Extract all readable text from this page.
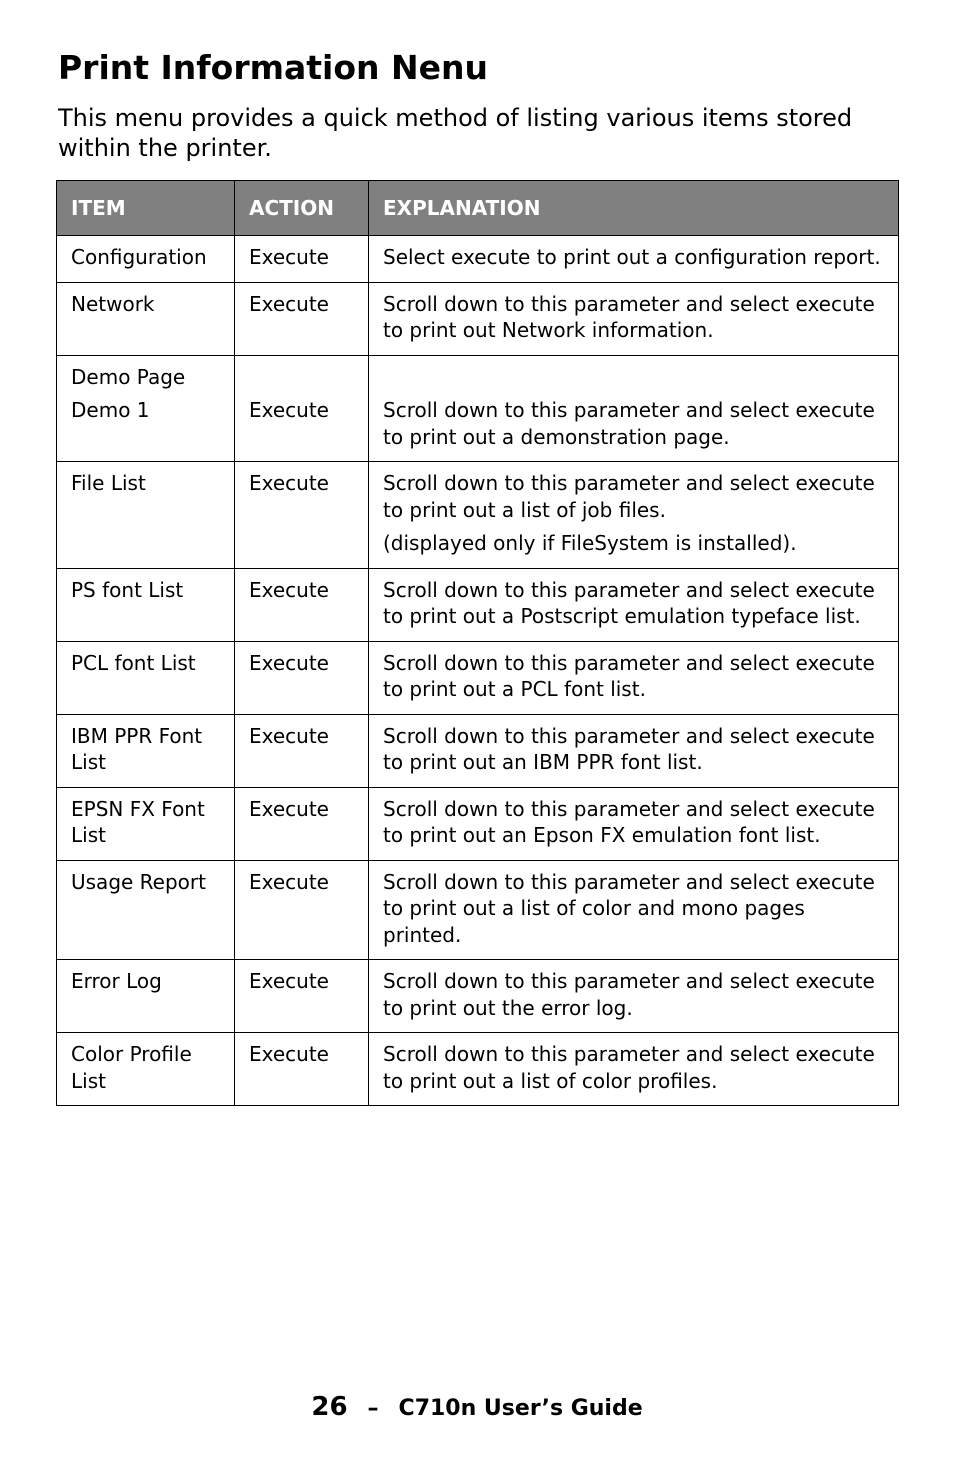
Print Information Nenu

This menu provides a quick method of listing various items stored within the printer.

ITEM	ACTION	EXPLANATION

Configuration	Execute	Select execute to print out a configuration report.

Network	Execute	Scroll down to this parameter and select execute to print out Network information.

Demo Page
Demo 1	Execute	Scroll down to this parameter and select execute to print out a demonstration page.

File List	Execute	Scroll down to this parameter and select execute to print out a list of job files.
(displayed only if FileSystem is installed).

PS font List	Execute	Scroll down to this parameter and select execute to print out a Postscript emulation typeface list.

PCL font List	Execute	Scroll down to this parameter and select execute to print out a PCL font list.

IBM PPR Font List	Execute	Scroll down to this parameter and select execute to print out an IBM PPR font list.

EPSN FX Font List	Execute	Scroll down to this parameter and select execute to print out an Epson FX emulation font list.

Usage Report	Execute	Scroll down to this parameter and select execute to print out a list of color and mono pages printed.

Error Log	Execute	Scroll down to this parameter and select execute to print out the error log.

Color Profile List	Execute	Scroll down to this parameter and select execute to print out a list of color profiles.
26 – C710n User’s Guide
